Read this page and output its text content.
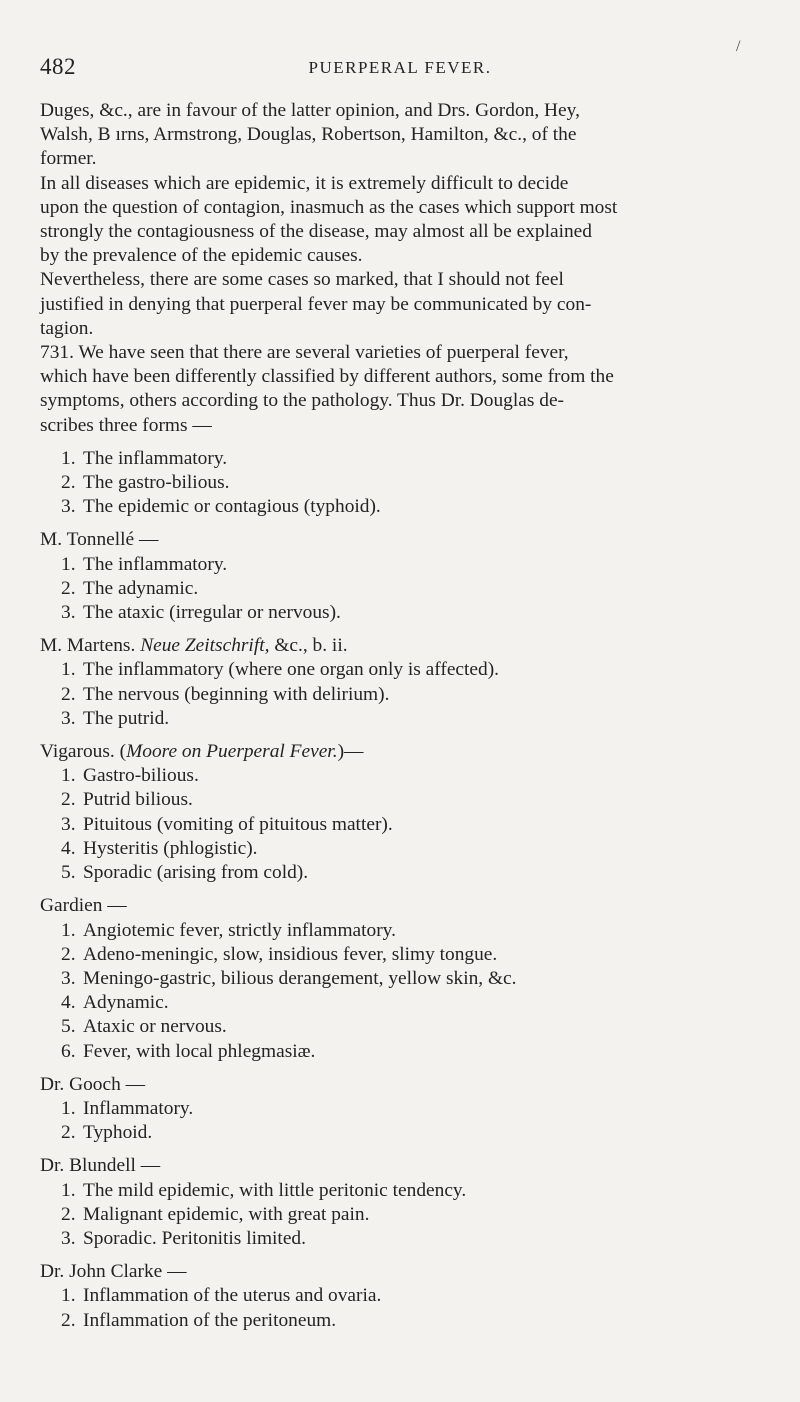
/
482	PUERPERAL FEVER.

Duges, &c., are in favour of the latter opinion, and Drs. Gordon, Hey,
Walsh, B ırns, Armstrong, Douglas, Robertson, Hamilton, &c., of the
former.

In all diseases which are epidemic, it is extremely difficult to decide
upon the question of contagion, inasmuch as the cases which support most
strongly the contagiousness of the disease, may almost all be explained
by the prevalence of the epidemic causes.

Nevertheless, there are some cases so marked, that I should not feel
justified in denying that puerperal fever may be communicated by con-
tagion.

731. We have seen that there are several varieties of puerperal fever,
which have been differently classified by different authors, some from the
symptoms, others according to the pathology. Thus Dr. Douglas de-
scribes three forms —

1. The inflammatory.
2. The gastro-bilious.
3. The epidemic or contagious (typhoid).
M. Tonnellé —
1. The inflammatory.
2. The adynamic.
3. The ataxic (irregular or nervous).
M. Martens. Neue Zeitschrift, &c., b. ii.
1. The inflammatory (where one organ only is affected).
2. The nervous (beginning with delirium).
3. The putrid.
Vigarous. (Moore on Puerperal Fever.)—
1. Gastro-bilious.
2. Putrid bilious.
3. Pituitous (vomiting of pituitous matter).
4. Hysteritis (phlogistic).
5. Sporadic (arising from cold).
Gardien —
1. Angiotemic fever, strictly inflammatory.
2. Adeno-meningic, slow, insidious fever, slimy tongue.
3. Meningo-gastric, bilious derangement, yellow skin, &c.
4. Adynamic.
5. Ataxic or nervous.
6. Fever, with local phlegmasiæ.
Dr. Gooch —
1. Inflammatory.
2. Typhoid.
Dr. Blundell —
1. The mild epidemic, with little peritonic tendency.
2. Malignant epidemic, with great pain.
3. Sporadic. Peritonitis limited.
Dr. John Clarke —
1. Inflammation of the uterus and ovaria.
2. Inflammation of the peritoneum.
